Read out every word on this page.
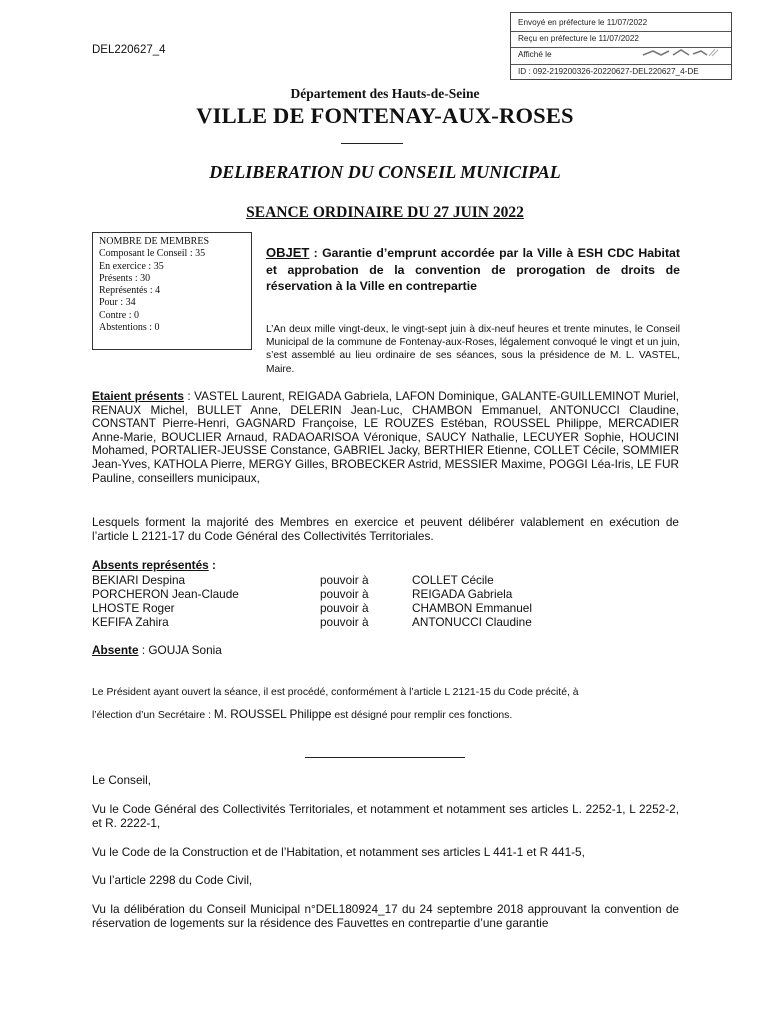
Envoyé en préfecture le 11/07/2022
Reçu en préfecture le 11/07/2022
Affiché le
ID : 092-219200326-20220627-DEL220627_4-DE
DEL220627_4
Département des Hauts-de-Seine
VILLE DE FONTENAY-AUX-ROSES
DELIBERATION DU CONSEIL MUNICIPAL
SEANCE ORDINAIRE DU 27 JUIN 2022
NOMBRE DE MEMBRES
Composant le Conseil : 35
En exercice : 35
Présents : 30
Représentés : 4
Pour : 34
Contre : 0
Abstentions : 0
OBJET : Garantie d’emprunt accordée par la Ville à ESH CDC Habitat et approbation de la convention de prorogation de droits de réservation à la Ville en contrepartie
L’An deux mille vingt-deux, le vingt-sept juin à dix-neuf heures et trente minutes, le Conseil Municipal de la commune de Fontenay-aux-Roses, légalement convoqué le vingt et un juin, s’est assemblé au lieu ordinaire de ses séances, sous la présidence de M. L. VASTEL, Maire.
Etaient présents : VASTEL Laurent, REIGADA Gabriela, LAFON Dominique, GALANTE-GUILLEMINOT Muriel, RENAUX Michel, BULLET Anne, DELERIN Jean-Luc, CHAMBON Emmanuel, ANTONUCCI Claudine, CONSTANT Pierre-Henri, GAGNARD Françoise, LE ROUZES Estéban, ROUSSEL Philippe, MERCADIER Anne-Marie, BOUCLIER Arnaud, RADAOARISOA Véronique, SAUCY Nathalie, LECUYER Sophie, HOUCINI Mohamed, PORTALIER-JEUSSE Constance, GABRIEL Jacky, BERTHIER Etienne, COLLET Cécile, SOMMIER Jean-Yves, KATHOLA Pierre, MERGY Gilles, BROBECKER Astrid, MESSIER Maxime, POGGI Léa-Iris, LE FUR Pauline, conseillers municipaux,
Lesquels forment la majorité des Membres en exercice et peuvent délibérer valablement en exécution de l’article L 2121-17 du Code Général des Collectivités Territoriales.
Absents représentés :
BEKIARI Despina	pouvoir à	COLLET Cécile
PORCHERON Jean-Claude	pouvoir à	REIGADA Gabriela
LHOSTE Roger	pouvoir à	CHAMBON Emmanuel
KEFIFA Zahira	pouvoir à	ANTONUCCI Claudine
Absente : GOUJA Sonia
Le Président ayant ouvert la séance, il est procédé, conformément à l’article L 2121-15 du Code précité, à
l’élection d’un Secrétaire : M. ROUSSEL Philippe est désigné pour remplir ces fonctions.
Le Conseil,
Vu le Code Général des Collectivités Territoriales, et notamment et notamment ses articles L. 2252-1, L 2252-2, et R. 2222-1,
Vu le Code de la Construction et de l’Habitation, et notamment ses articles L 441-1 et R 441-5,
Vu l’article 2298 du Code Civil,
Vu la délibération du Conseil Municipal n°DEL180924_17 du 24 septembre 2018 approuvant la convention de réservation de logements sur la résidence des Fauvettes en contrepartie d’une garantie
